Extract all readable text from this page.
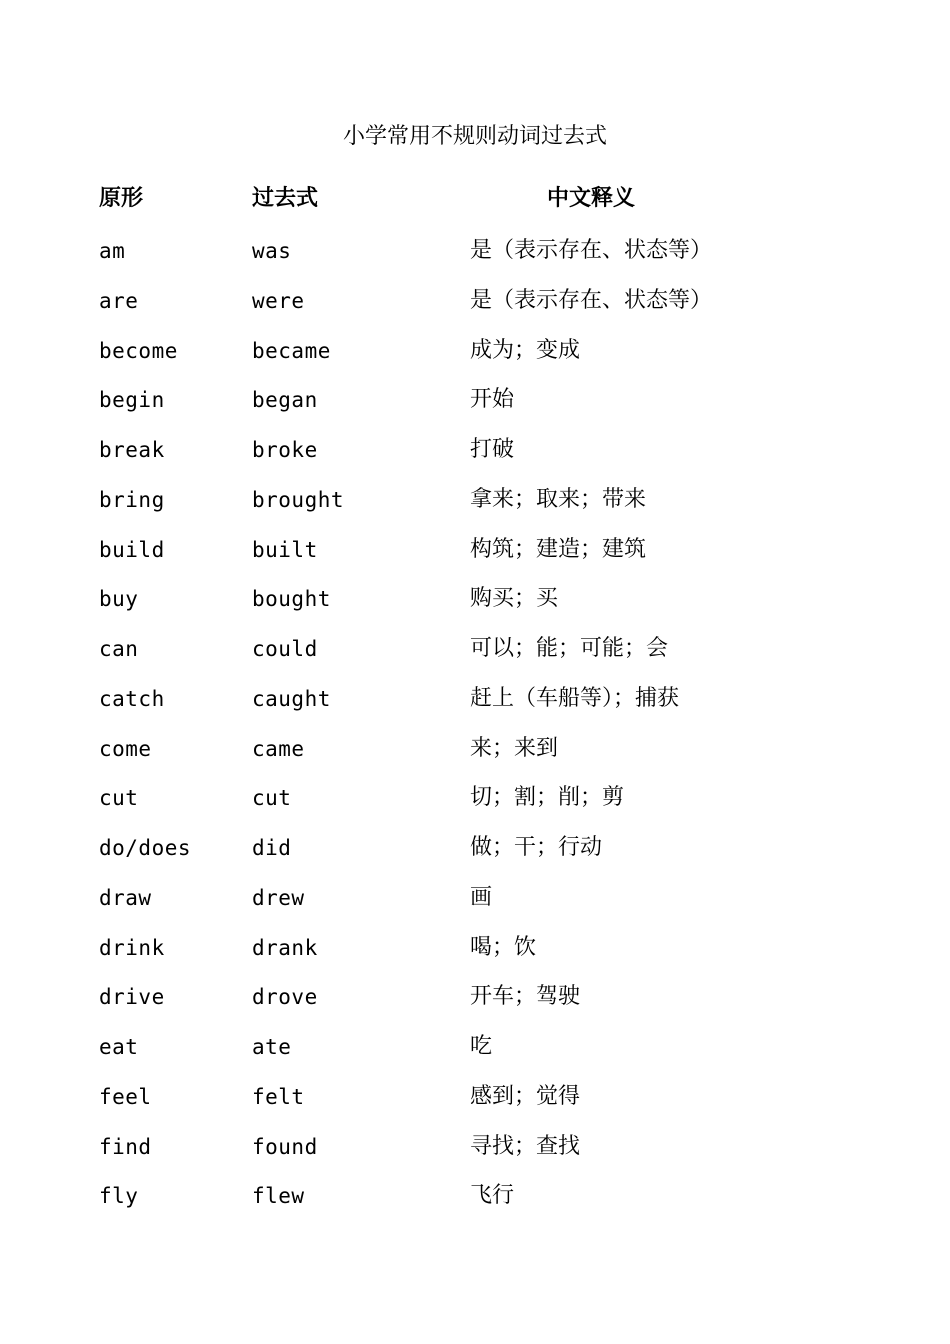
小学常用不规则动词过去式
原形	过去式	中文释义
am	was	是（表示存在、状态等）
are	were	是（表示存在、状态等）
become	became	成为；变成
begin	began	开始
break	broke	打破
bring	brought	拿来；取来；带来
build	built	构筑；建造；建筑
buy	bought	购买；买
can	could	可以；能；可能；会
catch	caught	赶上（车船等）；捕获
come	came	来；来到
cut	cut	切；割；削；剪
do/does	did	做；干；行动
draw	drew	画
drink	drank	喝；饮
drive	drove	开车；驾驶
eat	ate	吃
feel	felt	感到；觉得
find	found	寻找；查找
fly	flew	飞行
